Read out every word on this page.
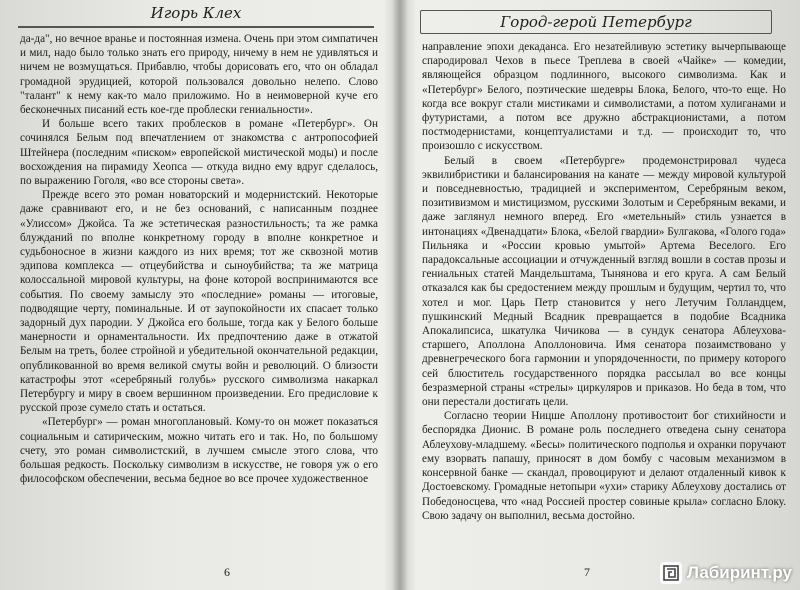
Игорь Клех

да-да", но вечное вранье и постоянная измена. Очень при этом симпатичен и мил, надо было только знать его природу, ничему в нем не удивляться и ничем не возмущаться. Прибавлю, чтобы дорисовать его, что он обладал громадной эрудицией, которой пользовался довольно нелепо. Слово "талант" к нему как-то мало приложимо. Но в неимоверной куче его бесконечных писаний есть кое-где проблески гениальности».

И больше всего таких проблесков в романе «Петербург». Он сочинялся Белым под впечатлением от знакомства с антропософией Штейнера (последним «писком» европейской мистической моды) и после восхождения на пирамиду Хеопса — откуда видно ему вдруг сделалось, по выражению Гоголя, «во все стороны света».

Прежде всего это роман новаторский и модернистский. Некоторые даже сравнивают его, и не без оснований, с написанным позднее «Улиссом» Джойса. Та же эстетическая разностильность; та же рамка блужданий по вполне конкретному городу в вполне конкретное и судьбоносное в жизни каждого из них время; тот же сквозной мотив эдипова комплекса — отцеубийства и сыноубийства; та же матрица колоссальной мировой культуры, на фоне которой воспринимаются все события. По своему замыслу это «последние» романы — итоговые, подводящие черту, поминальные. И от заупокойности их спасает только задорный дух пародии. У Джойса его больше, тогда как у Белого больше манерности и орнаментальности. Их предпочтению даже в отжатой Белым на треть, более стройной и убедительной окончательной редакции, опубликованной во время великой смуты войн и революций. О близости катастрофы этот «серебряный голубь» русского символизма накаркал Петербургу и миру в своем вершинном произведении. Его предисловие к русской прозе сумело стать и остаться.

«Петербург» — роман многоплановый. Кому-то он может показаться социальным и сатирическим, можно читать его и так. Но, по большому счету, это роман символистский, в лучшем смысле этого слова, что большая редкость. Поскольку символизм в искусстве, не говоря уж о его философском обеспечении, весьма бедное во все прочее художественное

6
Город-герой Петербург

направление эпохи декаданса. Его незатейливую эстетику вычерпывающе спародировал Чехов в пьесе Треплева в своей «Чайке» — комедии, являющейся образцом подлинного, высокого символизма. Как и «Петербург» Белого, поэтические шедевры Блока, Белого, что-то еще. Но когда все вокруг стали мистиками и символистами, а потом хулиганами и футуристами, а потом все дружно абстракционистами, а потом постмодернистами, концептуалистами и т.д. — происходит то, что произошло с искусством.

Белый в своем «Петербурге» продемонстрировал чудеса эквилибристики и балансирования на канате — между мировой культурой и повседневностью, традицией и экспериментом, Серебряным веком, позитивизмом и мистицизмом, русскими Золотым и Серебряным веками, и даже заглянул немного вперед. Его «метельный» стиль узнается в интонациях «Двенадцати» Блока, «Белой гвардии» Булгакова, «Голого года» Пильняка и «России кровью умытой» Артема Веселого. Его парадоксальные ассоциации и отчужденный взгляд вошли в состав прозы и гениальных статей Мандельштама, Тынянова и его круга. А сам Белый отказался как бы средостением между прошлым и будущим, чертил то, что хотел и мог. Царь Петр становится у него Летучим Голландцем, пушкинский Медный Всадник превращается в подобие Всадника Апокалипсиса, шкатулка Чичикова — в сундук сенатора Аблеухова-старшего, Аполлона Аполлоновича. Имя сенатора позаимствовано у древнегреческого бога гармонии и упорядоченности, по примеру которого сей блюститель государственного порядка рассылал во все концы безразмерной страны «стрелы» циркуляров и приказов. Но беда в том, что они перестали достигать цели.

Согласно теории Ницше Аполлону противостоит бог стихийности и беспорядка Дионис. В романе роль последнего отведена сыну сенатора Аблеухову-младшему. «Бесы» политического подполья и охранки поручают ему взорвать папашу, приносят в дом бомбу с часовым механизмом в консервной банке — скандал, провоцируют и делают отдаленный кивок к Достоевскому. Громадные нетопыри «ухи» старику Аблеухову достались от Победоносцева, что «над Россией простер совиные крыла» согласно Блоку. Свою задачу он выполнил, весьма достойно.

7	Лабиринт.ру
